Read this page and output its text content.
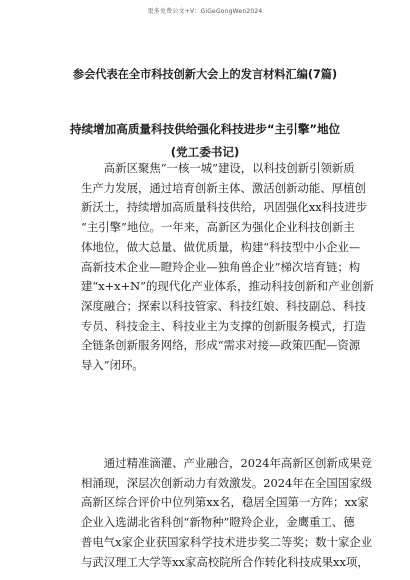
更多免费公文+V：GiGeGongWen2024
参会代表在全市科技创新大会上的发言材料汇编(7篇)
持续增加高质量科技供给强化科技进步“主引擎”地位
(党工委书记)
　　高新区聚焦“一核一城”建设，以科技创新引领新质
生产力发展，通过培育创新主体、激活创新动能、厚植创
新沃土，持续增加高质量科技供给，巩固强化xx科技进步
“主引擎”地位。一年来，高新区为强化企业科技创新主
体地位，做大总量、做优质量，构建“科技型中小企业—
高新技术企业—瞪羚企业—独角兽企业”梯次培育链；构
建“x+x+N”的现代化产业体系，推动科技创新和产业创新
深度融合；探索以科技管家、科技红娘、科技副总、科技
专员、科技金主、科技业主为支撑的创新服务模式，打造
全链条创新服务网络，形成“需求对接—政策匹配—资源
导入”闭环。
　　通过精准滴灌、产业融合，2024年高新区创新成果竞
相涌现，深层次创新动力有效激发。2024年在全国国家级
高新区综合评价中位列第xx名，稳居全国第一方阵；xx家
企业入选湖北省科创“新物种”瞪羚企业，金鹰重工、德
普电气x家企业获国家科学技术进步奖二等奖；数十家企业
与武汉理工大学等xx家高校院所合作转化科技成果xx项，
